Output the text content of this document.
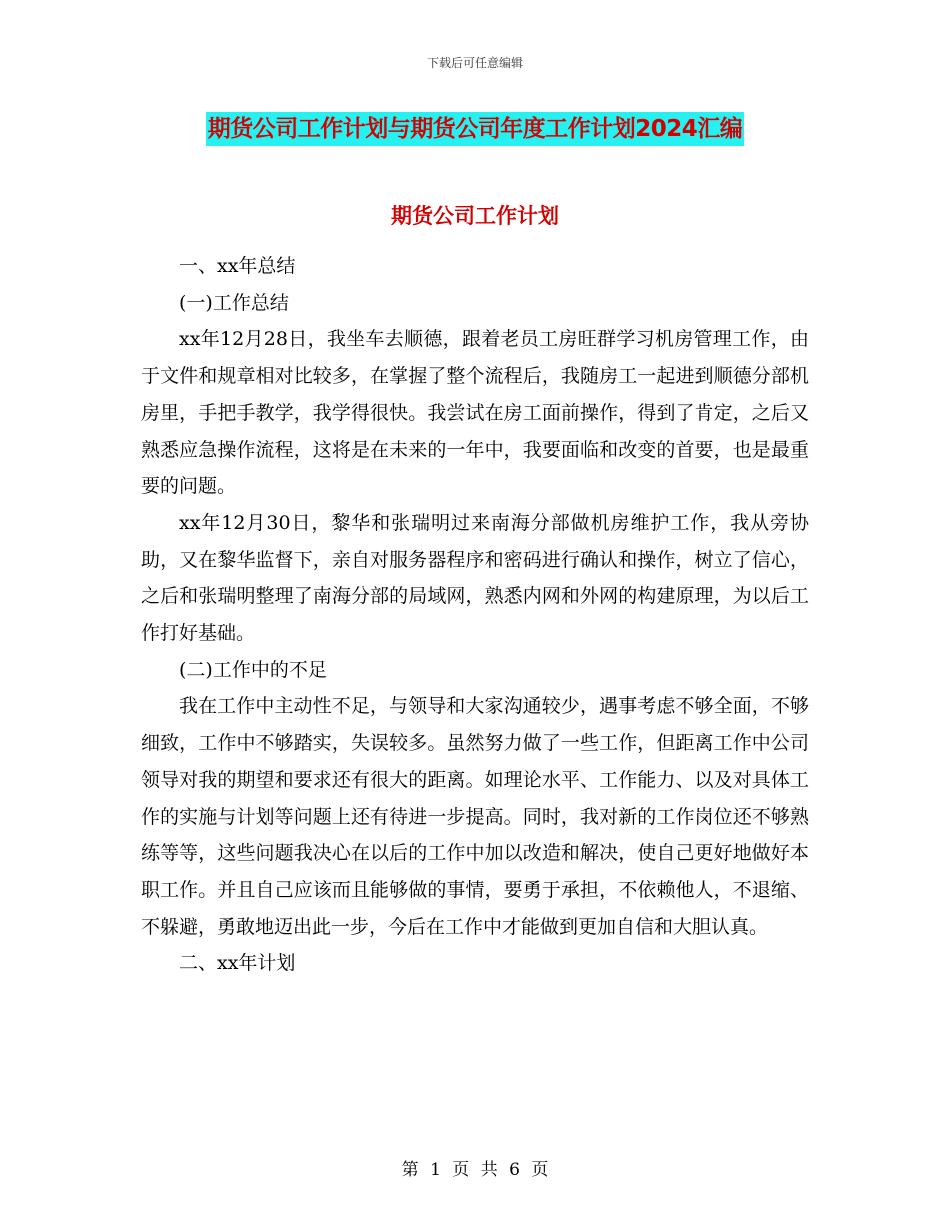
下载后可任意编辑
期货公司工作计划与期货公司年度工作计划2024汇编
期货公司工作计划

一、xx年总结

(一)工作总结

xx年12月28日，我坐车去顺德，跟着老员工房旺群学习机房管理工作，由于文件和规章相对比较多，在掌握了整个流程后，我随房工一起进到顺德分部机房里，手把手教学，我学得很快。我尝试在房工面前操作，得到了肯定，之后又熟悉应急操作流程，这将是在未来的一年中，我要面临和改变的首要，也是最重要的问题。

xx年12月30日，黎华和张瑞明过来南海分部做机房维护工作，我从旁协助，又在黎华监督下，亲自对服务器程序和密码进行确认和操作，树立了信心，之后和张瑞明整理了南海分部的局域网，熟悉内网和外网的构建原理，为以后工作打好基础。

(二)工作中的不足

我在工作中主动性不足，与领导和大家沟通较少，遇事考虑不够全面，不够细致，工作中不够踏实，失误较多。虽然努力做了一些工作，但距离工作中公司领导对我的期望和要求还有很大的距离。如理论水平、工作能力、以及对具体工作的实施与计划等问题上还有待进一步提高。同时，我对新的工作岗位还不够熟练等等，这些问题我决心在以后的工作中加以改造和解决，使自己更好地做好本职工作。并且自己应该而且能够做的事情，要勇于承担，不依赖他人，不退缩、不躲避，勇敢地迈出此一步，今后在工作中才能做到更加自信和大胆认真。

二、xx年计划

第 1 页 共 6 页
